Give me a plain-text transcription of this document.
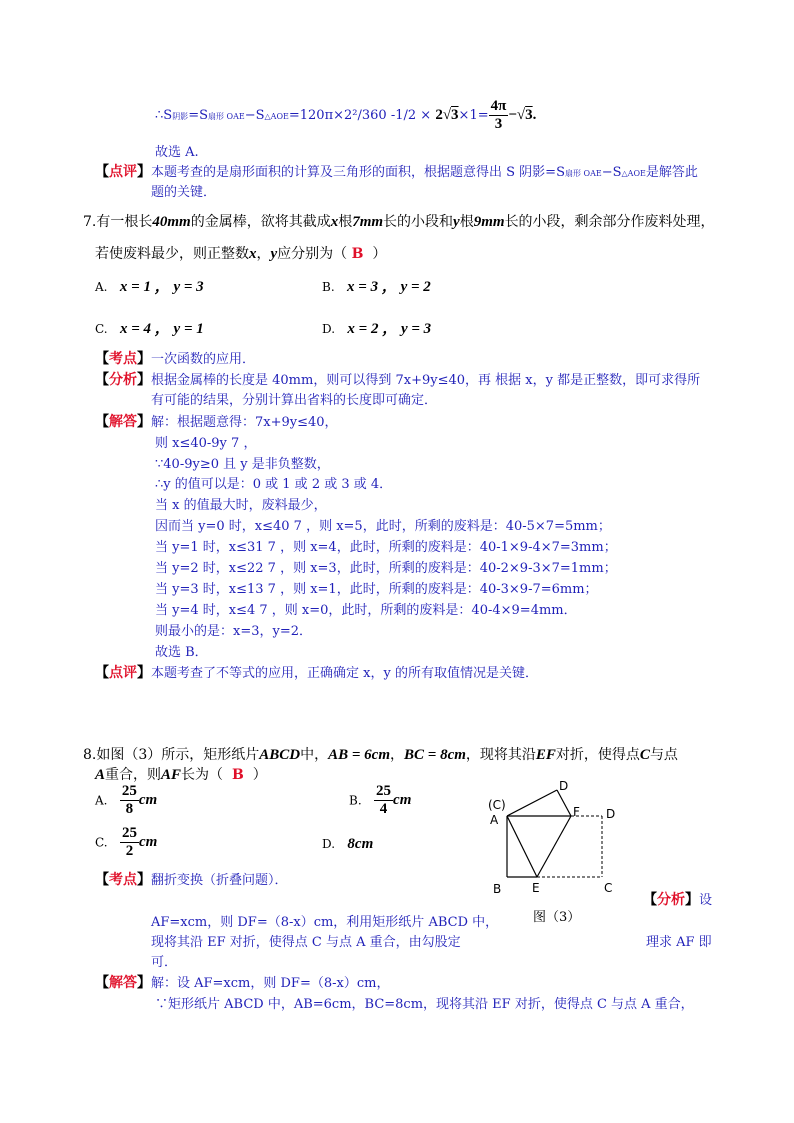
∴S阴影=S扇形 OAE−S△AOE=120π×2²/360 $-1/2 \times 2√3\times 1= \frac{4\pi}{3} -√3$.
故选 A.
【点评】本题考查的是扇形面积的计算及三角形的面积，根据题意得出 S 阴影=S扇形 OAE−S△AOE是解答此
题的关键．
7.有一根长40mm的金属棒，欲将其截成x根7mm长的小段和y根9mm长的小段，剩余部分作废料处理，
若使废料最少，则正整数x，y应分别为（ B ）
A. x = 1 ， y = 3	B. x = 3 ， y = 2
C. x = 4 ， y = 1	D. x = 2 ， y = 3
【考点】一次函数的应用．
【分析】根据金属棒的长度是 40mm，则可以得到 7x+9y≤40，再 根据 x，y 都是正整数，即可求得所
有可能的结果，分别计算出省料的长度即可确定．
【解答】解：根据题意得：7x+9y≤40，
则 x≤40-9y 7 ，
∵40-9y≥0 且 y 是非负整数，
∴y 的值可以是：0 或 1 或 2 或 3 或 4．
当 x 的值最大时，废料最少，
因而当 y=0 时，x≤40 7 ，则 x=5，此时，所剩的废料是：40-5×7=5mm；
当 y=1 时，x≤31 7 ，则 x=4，此时，所剩的废料是：40-1×9-4×7=3mm；
当 y=2 时，x≤22 7 ，则 x=3，此时，所剩的废料是：40-2×9-3×7=1mm；
当 y=3 时，x≤13 7 ，则 x=1，此时，所剩的废料是：40-3×9-7=6mm；
当 y=4 时，x≤4 7 ，则 x=0，此时，所剩的废料是：40-4×9=4mm．
则最小的是：x=3，y=2．
故选 B．
【点评】本题考查了不等式的应用，正确确定 x，y 的所有取值情况是关键．
8.如图（3）所示，矩形纸片ABCD中，AB = 6cm，BC = 8cm，现将其沿EF对折，使得点C与点
A重合，则AF长为（ B ）
A. $\frac{25}{8}$ cm	B. $\frac{25}{4}$ cm
C. $\frac{25}{2}$ cm	D. 8cm
(C)
A
D
F D
B	E	C
图（3）
【考点】翻折变换（折叠问题）．
【分析】设
AF=xcm，则 DF=（8-x）cm，利用矩形纸片 ABCD 中，
现将其沿 EF 对折，使得点 C 与点 A 重合，由勾股定	理求 AF 即
可．
【解答】解：设 AF=xcm，则 DF=（8-x）cm，
∵矩形纸片 ABCD 中，AB=6cm，BC=8cm，现将其沿 EF 对折，使得点 C 与点 A 重合，
